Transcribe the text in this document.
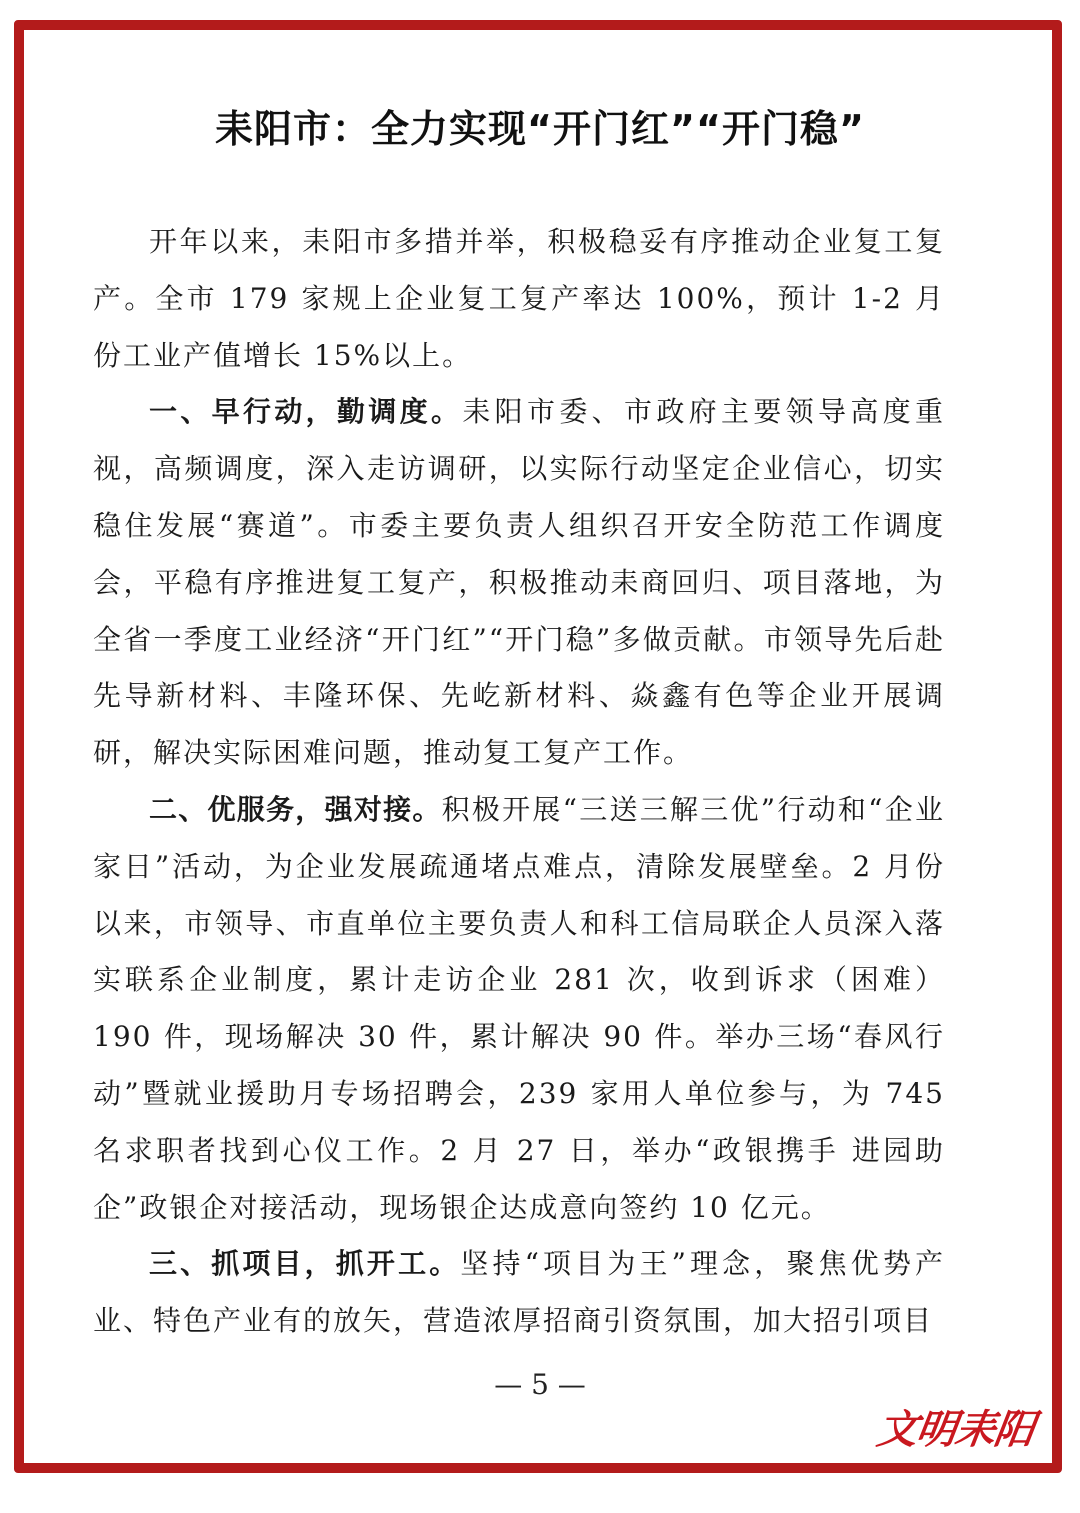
耒阳市：全力实现“开门红”“开门稳”

开年以来，耒阳市多措并举，积极稳妥有序推动企业复工复产。全市 179 家规上企业复工复产率达 100%，预计 1-2 月份工业产值增长 15%以上。

一、早行动，勤调度。耒阳市委、市政府主要领导高度重视，高频调度，深入走访调研，以实际行动坚定企业信心，切实稳住发展“赛道”。市委主要负责人组织召开安全防范工作调度会，平稳有序推进复工复产，积极推动耒商回归、项目落地，为全省一季度工业经济“开门红”“开门稳”多做贡献。市领导先后赴先导新材料、丰隆环保、先屹新材料、焱鑫有色等企业开展调研，解决实际困难问题，推动复工复产工作。

二、优服务，强对接。积极开展“三送三解三优”行动和“企业家日”活动，为企业发展疏通堵点难点，清除发展壁垒。2 月份以来，市领导、市直单位主要负责人和科工信局联企人员深入落实联系企业制度，累计走访企业 281 次，收到诉求（困难）190 件，现场解决 30 件，累计解决 90 件。举办三场“春风行动”暨就业援助月专场招聘会，239 家用人单位参与，为 745 名求职者找到心仪工作。2 月 27 日，举办“政银携手 进园助企”政银企对接活动，现场银企达成意向签约 10 亿元。

三、抓项目，抓开工。坚持“项目为王”理念，聚焦优势产业、特色产业有的放矢，营造浓厚招商引资氛围，加大招引项目

— 5 —
文明耒阳
